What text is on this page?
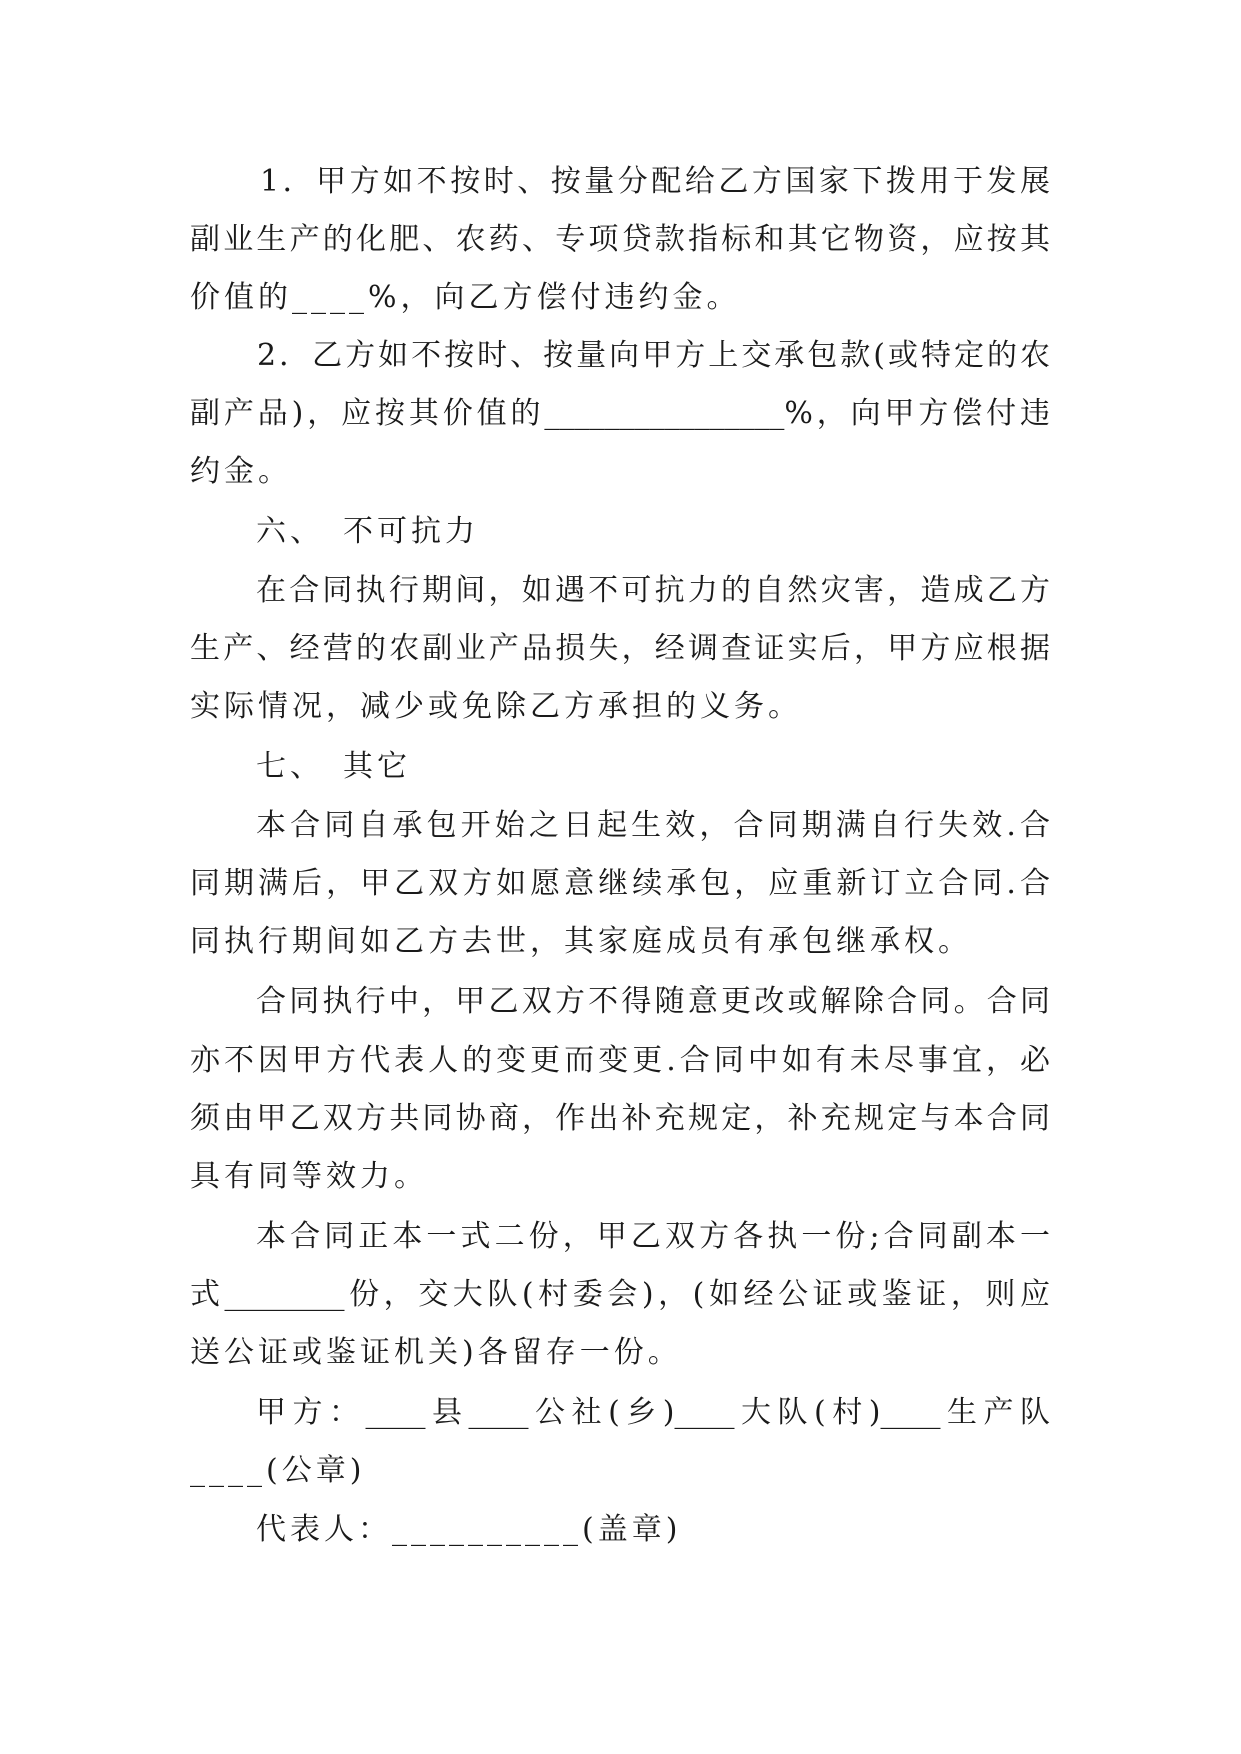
1．甲方如不按时、按量分配给乙方国家下拨用于发展
副业生产的化肥、农药、专项贷款指标和其它物资，应按其
价值的____%，向乙方偿付违约金。
2．乙方如不按时、按量向甲方上交承包款(或特定的农
副产品)，应按其价值的________________%，向甲方偿付违
约金。
六、　不可抗力
在合同执行期间，如遇不可抗力的自然灾害，造成乙方
生产、经营的农副业产品损失，经调查证实后，甲方应根据
实际情况，减少或免除乙方承担的义务。
七、　其它
本合同自承包开始之日起生效，合同期满自行失效.合
同期满后，甲乙双方如愿意继续承包，应重新订立合同.合
同执行期间如乙方去世，其家庭成员有承包继承权。
合同执行中，甲乙双方不得随意更改或解除合同。合同
亦不因甲方代表人的变更而变更.合同中如有未尽事宜，必
须由甲乙双方共同协商，作出补充规定，补充规定与本合同
具有同等效力。
本合同正本一式二份，甲乙双方各执一份;合同副本一
式________份，交大队(村委会)，(如经公证或鉴证，则应
送公证或鉴证机关)各留存一份。
甲方：____县____公社(乡)____大队(村)____生产队
____(公章)
代表人：__________(盖章)
